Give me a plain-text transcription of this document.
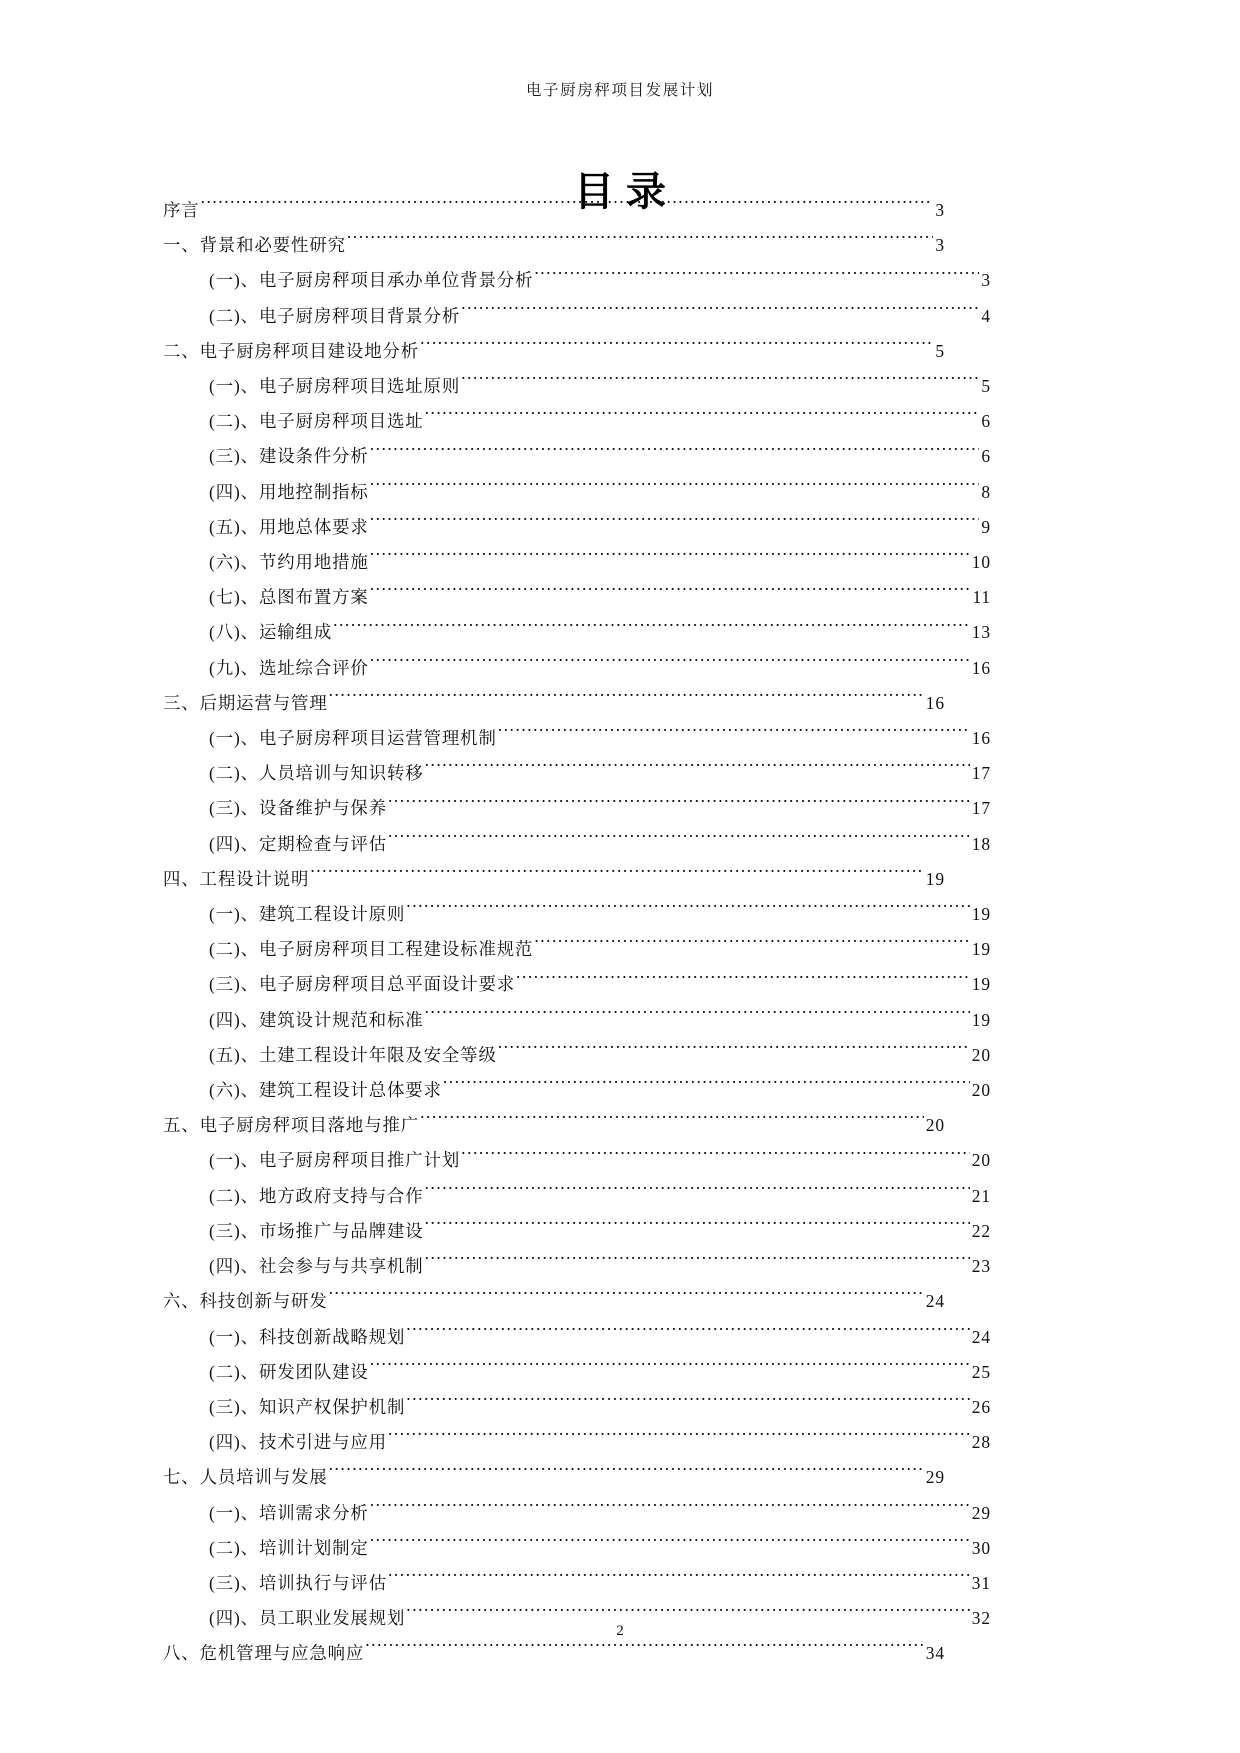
电子厨房秤项目发展计划
目录
序言 .....	3
一、背景和必要性研究 .....	3
(一)、电子厨房秤项目承办单位背景分析 .....	3
(二)、电子厨房秤项目背景分析 .....	4
二、电子厨房秤项目建设地分析 .....	5
(一)、电子厨房秤项目选址原则 .....	5
(二)、电子厨房秤项目选址 .....	6
(三)、建设条件分析 .....	6
(四)、用地控制指标 .....	8
(五)、用地总体要求 .....	9
(六)、节约用地措施 .....	10
(七)、总图布置方案 .....	11
(八)、运输组成 .....	13
(九)、选址综合评价 .....	16
三、后期运营与管理 .....	16
(一)、电子厨房秤项目运营管理机制 .....	16
(二)、人员培训与知识转移 .....	17
(三)、设备维护与保养 .....	17
(四)、定期检查与评估 .....	18
四、工程设计说明 .....	19
(一)、建筑工程设计原则 .....	19
(二)、电子厨房秤项目工程建设标准规范 .....	19
(三)、电子厨房秤项目总平面设计要求 .....	19
(四)、建筑设计规范和标准 .....	19
(五)、土建工程设计年限及安全等级 .....	20
(六)、建筑工程设计总体要求 .....	20
五、电子厨房秤项目落地与推广 .....	20
(一)、电子厨房秤项目推广计划 .....	20
(二)、地方政府支持与合作 .....	21
(三)、市场推广与品牌建设 .....	22
(四)、社会参与与共享机制 .....	23
六、科技创新与研发 .....	24
(一)、科技创新战略规划 .....	24
(二)、研发团队建设 .....	25
(三)、知识产权保护机制 .....	26
(四)、技术引进与应用 .....	28
七、人员培训与发展 .....	29
(一)、培训需求分析 .....	29
(二)、培训计划制定 .....	30
(三)、培训执行与评估 .....	31
(四)、员工职业发展规划 .....	32
八、危机管理与应急响应 .....	34
2
